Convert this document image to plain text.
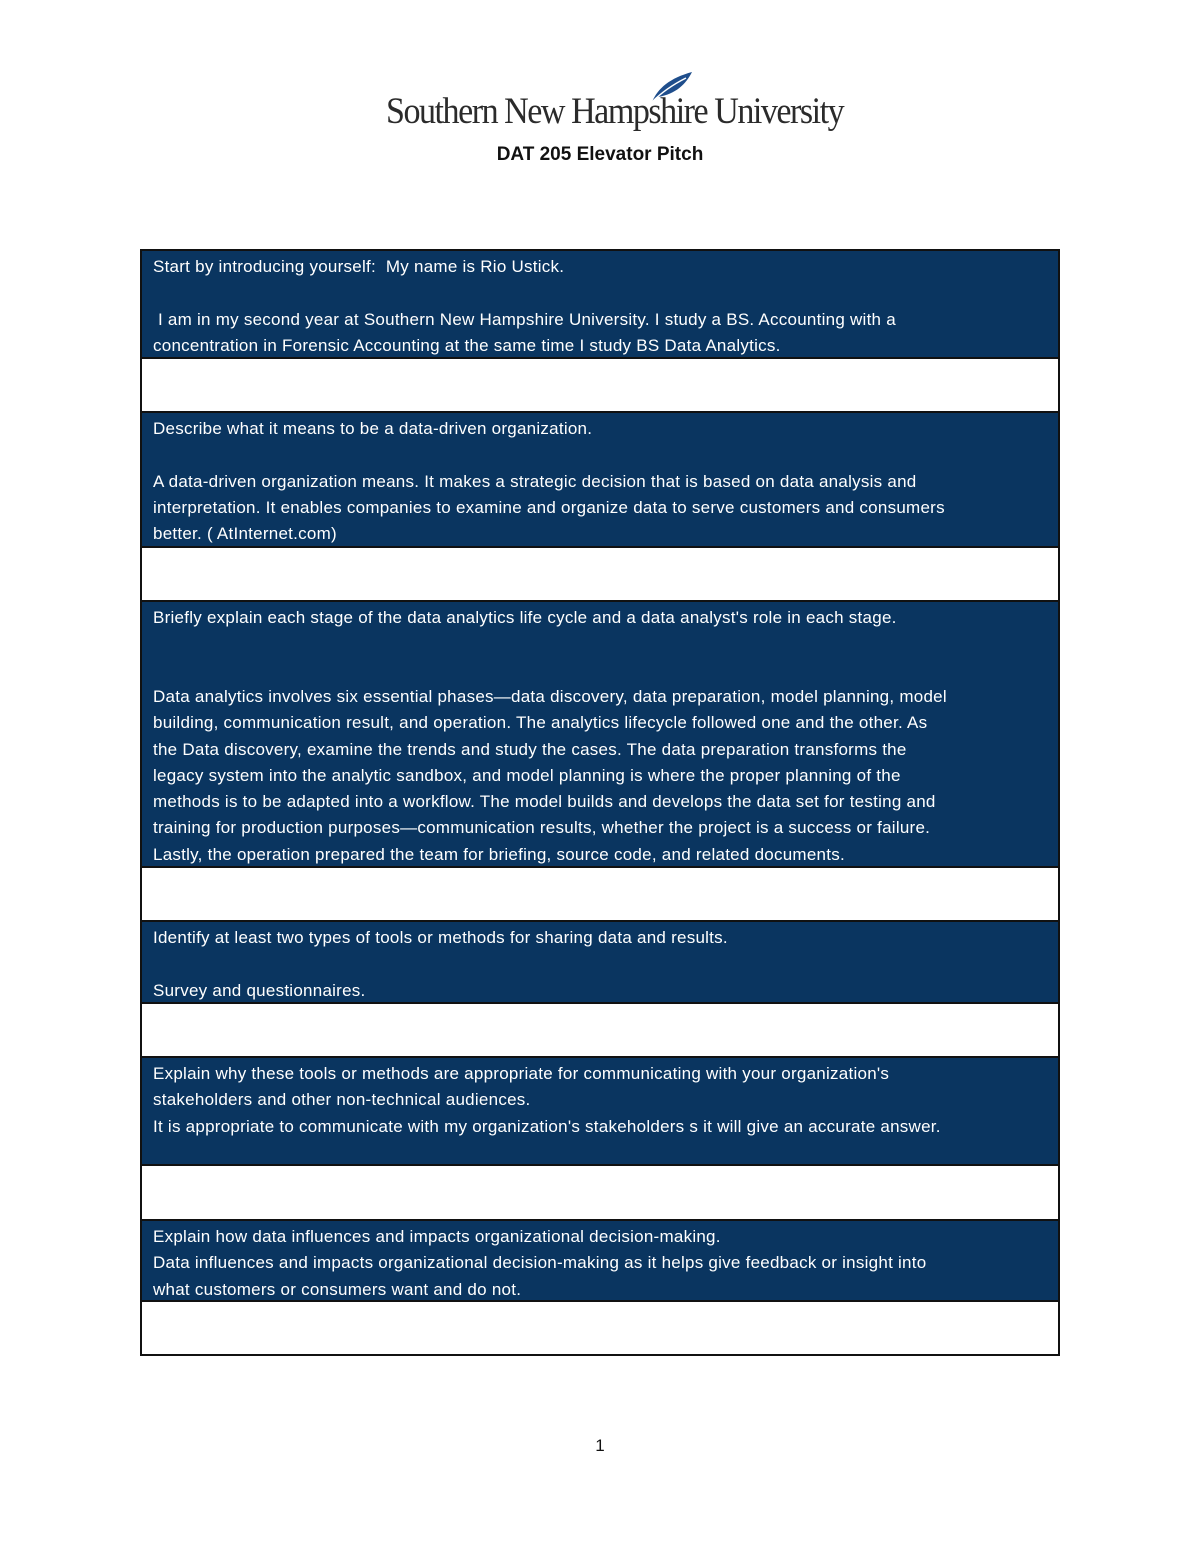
Southern New Hampshire University
DAT 205 Elevator Pitch
Start by introducing yourself:  My name is Rio Ustick.
I am in my second year at Southern New Hampshire University. I study a BS. Accounting with a
concentration in Forensic Accounting at the same time I study BS Data Analytics.
Describe what it means to be a data-driven organization.
A data-driven organization means. It makes a strategic decision that is based on data analysis and
interpretation. It enables companies to examine and organize data to serve customers and consumers
better. ( AtInternet.com)
Briefly explain each stage of the data analytics life cycle and a data analyst's role in each stage.
Data analytics involves six essential phases—data discovery, data preparation, model planning, model
building, communication result, and operation. The analytics lifecycle followed one and the other. As
the Data discovery, examine the trends and study the cases. The data preparation transforms the
legacy system into the analytic sandbox, and model planning is where the proper planning of the
methods is to be adapted into a workflow. The model builds and develops the data set for testing and
training for production purposes—communication results, whether the project is a success or failure.
Lastly, the operation prepared the team for briefing, source code, and related documents.
Identify at least two types of tools or methods for sharing data and results.
Survey and questionnaires.
Explain why these tools or methods are appropriate for communicating with your organization's
stakeholders and other non-technical audiences.
It is appropriate to communicate with my organization's stakeholders s it will give an accurate answer.
Explain how data influences and impacts organizational decision-making.
Data influences and impacts organizational decision-making as it helps give feedback or insight into
what customers or consumers want and do not.
1
